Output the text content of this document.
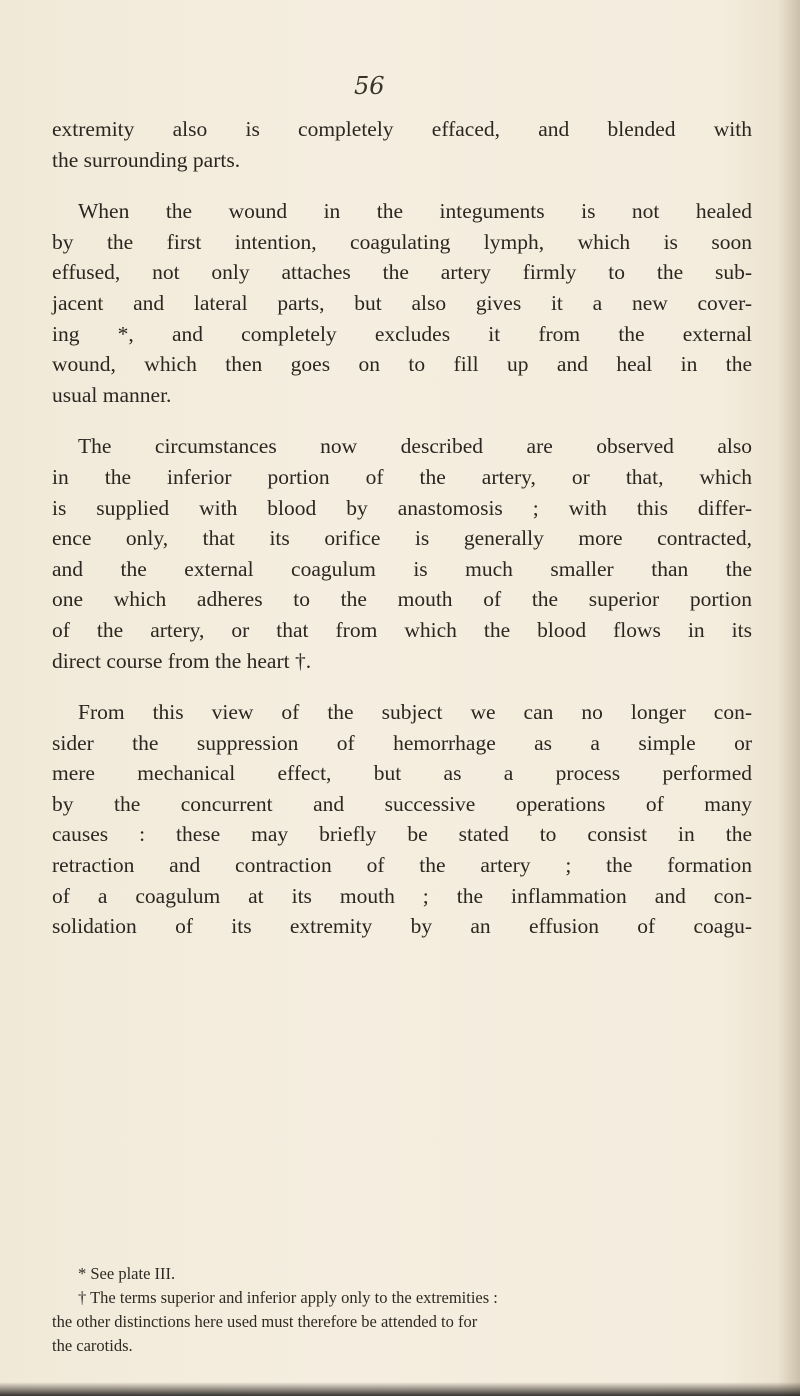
56
extremity also is completely effaced, and blended with
the surrounding parts.
When the wound in the integuments is not healed
by the first intention, coagulating lymph, which is soon
effused, not only attaches the artery firmly to the sub-
jacent and lateral parts, but also gives it a new cover-
ing *, and completely excludes it from the external
wound, which then goes on to fill up and heal in the
usual manner.
The circumstances now described are observed also
in the inferior portion of the artery, or that, which
is supplied with blood by anastomosis ; with this differ-
ence only, that its orifice is generally more contracted,
and the external coagulum is much smaller than the
one which adheres to the mouth of the superior portion
of the artery, or that from which the blood flows in its
direct course from the heart †.
From this view of the subject we can no longer con-
sider the suppression of hemorrhage as a simple or
mere mechanical effect, but as a process performed
by the concurrent and successive operations of many
causes : these may briefly be stated to consist in the
retraction and contraction of the artery ; the formation
of a coagulum at its mouth ; the inflammation and con-
solidation of its extremity by an effusion of coagu-
* See plate III.
† The terms superior and inferior apply only to the extremities :
the other distinctions here used must therefore be attended to for
the carotids.
